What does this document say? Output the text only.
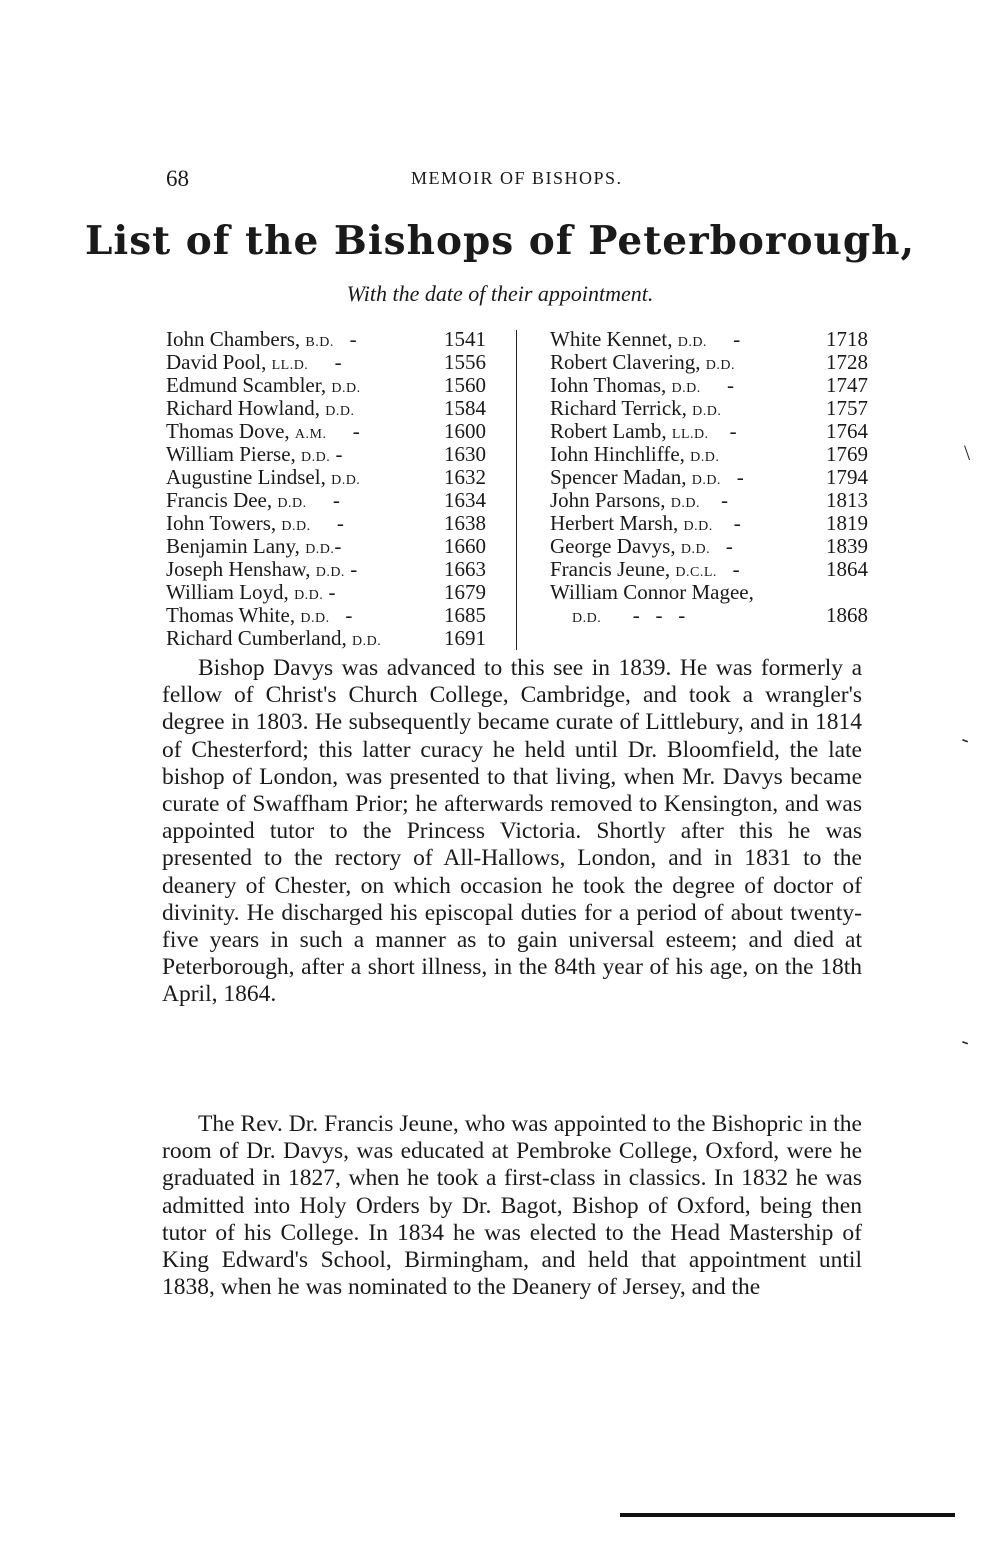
68	MEMOIR OF BISHOPS.
List of the Bishops of Peterborough,
With the date of their appointment.
Iohn Chambers, B.D. -	1541
David Pool, LL.D. -	1556
Edmund Scambler, D.D.	1560
Richard Howland, D.D.	1584
Thomas Dove, A.M. -	1600
William Pierse, D.D. -	1630
Augustine Lindsel, D.D.	1632
Francis Dee, D.D. -	1634
Iohn Towers, D.D. -	1638
Benjamin Lany, D.D.-	1660
Joseph Henshaw, D.D. -	1663
William Loyd, D.D. -	1679
Thomas White, D.D. -	1685
Richard Cumberland, D.D.	1691
White Kennet, D.D. -	1718
Robert Clavering, D.D.	1728
Iohn Thomas, D.D. -	1747
Richard Terrick, D.D.	1757
Robert Lamb, LL.D. -	1764
Iohn Hinchliffe, D.D.	1769
Spencer Madan, D.D. -	1794
John Parsons, D.D. -	1813
Herbert Marsh, D.D. -	1819
George Davys, D.D. -	1839
Francis Jeune, D.C.L. -	1864
William Connor Magee,
D.D. -   -   -	1868

Bishop Davys was advanced to this see in 1839. He was formerly a fellow of Christ's Church College, Cambridge, and took a wrangler's degree in 1803. He subsequently became curate of Littlebury, and in 1814 of Chesterford; this latter curacy he held until Dr. Bloomfield, the late bishop of London, was presented to that living, when Mr. Davys became curate of Swaffham Prior; he afterwards removed to Kensington, and was appointed tutor to the Princess Victoria. Shortly after this he was presented to the rectory of All-Hallows, London, and in 1831 to the deanery of Chester, on which occasion he took the degree of doctor of divinity. He discharged his episcopal duties for a period of about twenty-five years in such a manner as to gain universal esteem; and died at Peterborough, after a short illness, in the 84th year of his age, on the 18th April, 1864.

The Rev. Dr. Francis Jeune, who was appointed to the Bishopric in the room of Dr. Davys, was educated at Pembroke College, Oxford, were he graduated in 1827, when he took a first-class in classics. In 1832 he was admitted into Holy Orders by Dr. Bagot, Bishop of Oxford, being then tutor of his College. In 1834 he was elected to the Head Mastership of King Edward's School, Birmingham, and held that appointment until 1838, when he was nominated to the Deanery of Jersey, and the

\
-
-
